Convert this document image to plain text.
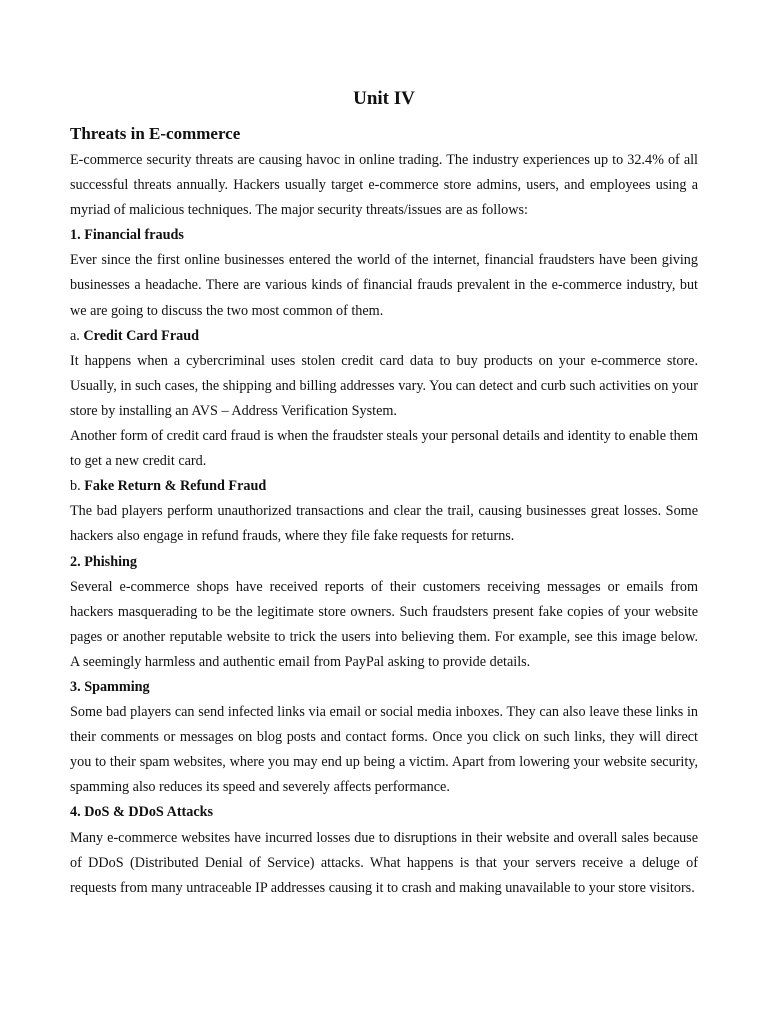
Unit IV
Threats in E-commerce

E-commerce security threats are causing havoc in online trading. The industry experiences up to 32.4% of all successful threats annually. Hackers usually target e-commerce store admins, users, and employees using a myriad of malicious techniques. The major security threats/issues are as follows:

1. Financial frauds

Ever since the first online businesses entered the world of the internet, financial fraudsters have been giving businesses a headache. There are various kinds of financial frauds prevalent in the e-commerce industry, but we are going to discuss the two most common of them.

a. Credit Card Fraud

It happens when a cybercriminal uses stolen credit card data to buy products on your e-commerce store. Usually, in such cases, the shipping and billing addresses vary. You can detect and curb such activities on your store by installing an AVS – Address Verification System.

Another form of credit card fraud is when the fraudster steals your personal details and identity to enable them to get a new credit card.

b. Fake Return & Refund Fraud

The bad players perform unauthorized transactions and clear the trail, causing businesses great losses. Some hackers also engage in refund frauds, where they file fake requests for returns.

2. Phishing

Several e-commerce shops have received reports of their customers receiving messages or emails from hackers masquerading to be the legitimate store owners. Such fraudsters present fake copies of your website pages or another reputable website to trick the users into believing them. For example, see this image below. A seemingly harmless and authentic email from PayPal asking to provide details.

3. Spamming

Some bad players can send infected links via email or social media inboxes. They can also leave these links in their comments or messages on blog posts and contact forms. Once you click on such links, they will direct you to their spam websites, where you may end up being a victim. Apart from lowering your website security, spamming also reduces its speed and severely affects performance.

4. DoS & DDoS Attacks

Many e-commerce websites have incurred losses due to disruptions in their website and overall sales because of DDoS (Distributed Denial of Service) attacks. What happens is that your servers receive a deluge of requests from many untraceable IP addresses causing it to crash and making unavailable to your store visitors.
